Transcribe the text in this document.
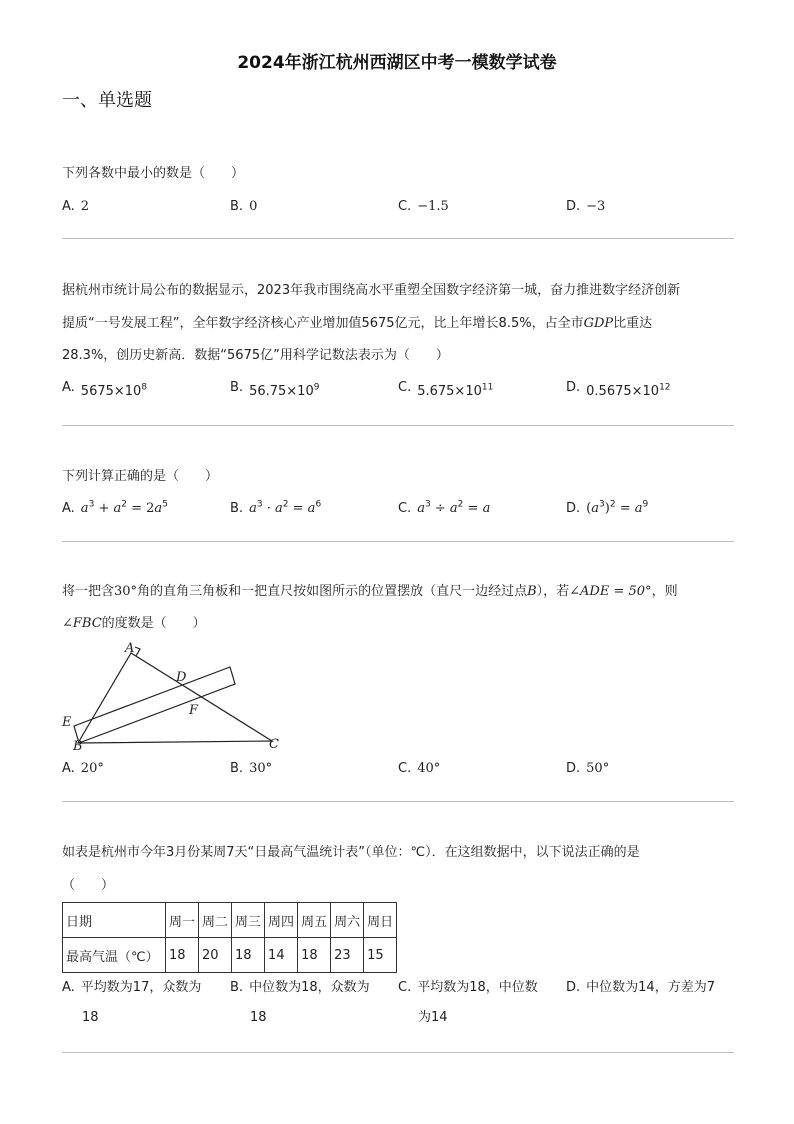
2024年浙江杭州西湖区中考一模数学试卷
一、单选题
下列各数中最小的数是（　　）
A. 2	B. 0	C. −1.5	D. −3
据杭州市统计局公布的数据显示，2023年我市围绕高水平重塑全国数字经济第一城，奋力推进数字经济创新
提质“一号发展工程”，全年数字经济核心产业增加值5675亿元，比上年增长8.5%，占全市GDP比重达
28.3%，创历史新高．数据“5675亿”用科学记数法表示为（　　）
A. $5675\times 10^8$	B. $56.75\times 10^9$	C. $5.675\times 10^{11}$	D. $0.5675\times 10^{12}$
下列计算正确的是（　　）
A. $a^3 + a^2 = 2a^5$	B. $a^3 \cdot a^2 = a^6$	C. $a^3 \div a^2 = a$	D. $(a^3)^2 = a^9$
将一把含30°角的直角三角板和一把直尺按如图所示的位置摆放（直尺一边经过点B），若∠ADE = 50°，则
∠FBC的度数是（　　）
A
D
E
F
B	C
A. 20°	B. 30°	C. 40°	D. 50°
如表是杭州市今年3月份某周7天“日最高气温统计表”（单位：℃）．在这组数据中，以下说法正确的是
（　　）
日期	周一	周二	周三	周四	周五	周六	周日
最高气温（℃）	18	20	18	14	18	23	15
A. 平均数为17，众数为
18
B. 中位数为18，众数为
18
C. 平均数为18，中位数
为14
D. 中位数为14，方差为7
